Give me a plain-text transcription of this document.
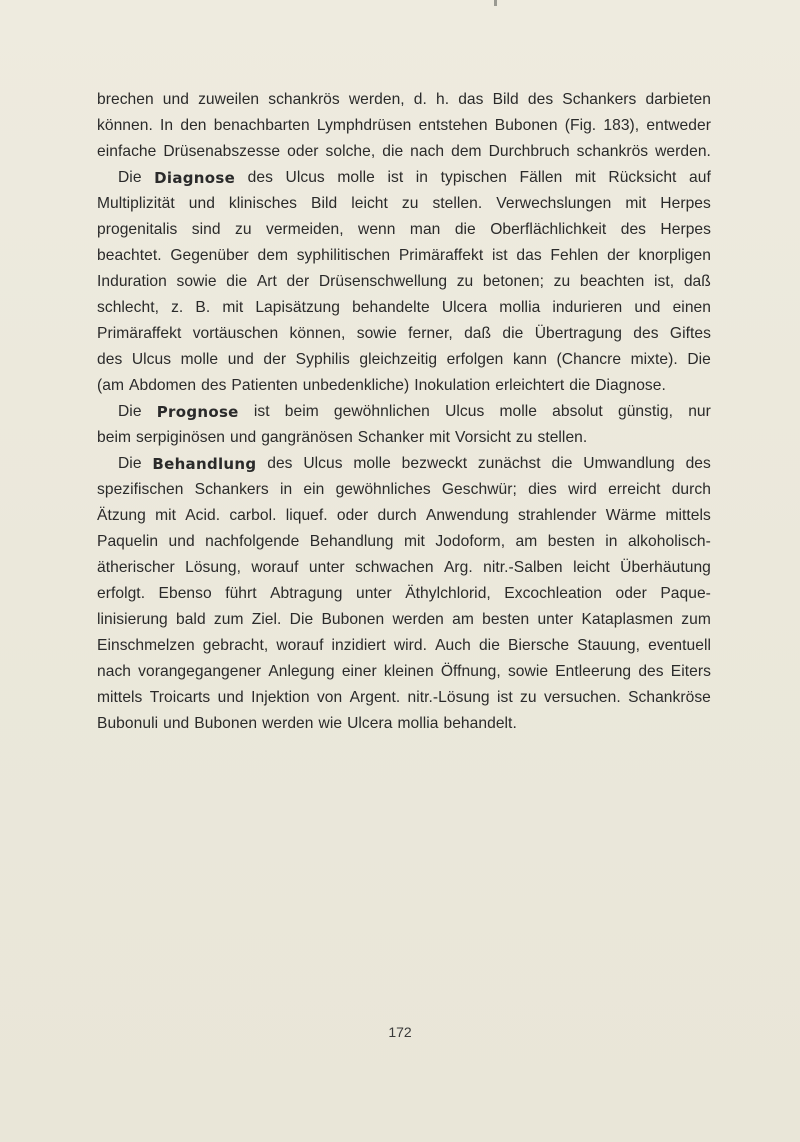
brechen und zuweilen schankrös werden, d. h. das Bild des Schankers darbieten
können. In den benachbarten Lymphdrüsen entstehen Bubonen (Fig. 183), entweder
einfache Drüsenabszesse oder solche, die nach dem Durchbruch schankrös werden.
Die Diagnose des Ulcus molle ist in typischen Fällen mit Rücksicht auf
Multiplizität und klinisches Bild leicht zu stellen. Verwechslungen mit Herpes
progenitalis sind zu vermeiden, wenn man die Oberflächlichkeit des Herpes
beachtet. Gegenüber dem syphilitischen Primäraffekt ist das Fehlen der knorpligen
Induration sowie die Art der Drüsenschwellung zu betonen; zu beachten ist, daß
schlecht, z. B. mit Lapisätzung behandelte Ulcera mollia indurieren und einen
Primäraffekt vortäuschen können, sowie ferner, daß die Übertragung des Giftes
des Ulcus molle und der Syphilis gleichzeitig erfolgen kann (Chancre mixte). Die
(am Abdomen des Patienten unbedenkliche) Inokulation erleichtert die Diagnose.
Die Prognose ist beim gewöhnlichen Ulcus molle absolut günstig, nur
beim serpiginösen und gangränösen Schanker mit Vorsicht zu stellen.
Die Behandlung des Ulcus molle bezweckt zunächst die Umwandlung des
spezifischen Schankers in ein gewöhnliches Geschwür; dies wird erreicht durch
Ätzung mit Acid. carbol. liquef. oder durch Anwendung strahlender Wärme mittels
Paquelin und nachfolgende Behandlung mit Jodoform, am besten in alkoholisch-
ätherischer Lösung, worauf unter schwachen Arg. nitr.-Salben leicht Überhäutung
erfolgt. Ebenso führt Abtragung unter Äthylchlorid, Excochleation oder Paque-
linisierung bald zum Ziel. Die Bubonen werden am besten unter Kataplasmen zum
Einschmelzen gebracht, worauf inzidiert wird. Auch die Biersche Stauung, eventuell
nach vorangegangener Anlegung einer kleinen Öffnung, sowie Entleerung des Eiters
mittels Troicarts und Injektion von Argent. nitr.-Lösung ist zu versuchen. Schankröse
Bubonuli und Bubonen werden wie Ulcera mollia behandelt.
172
